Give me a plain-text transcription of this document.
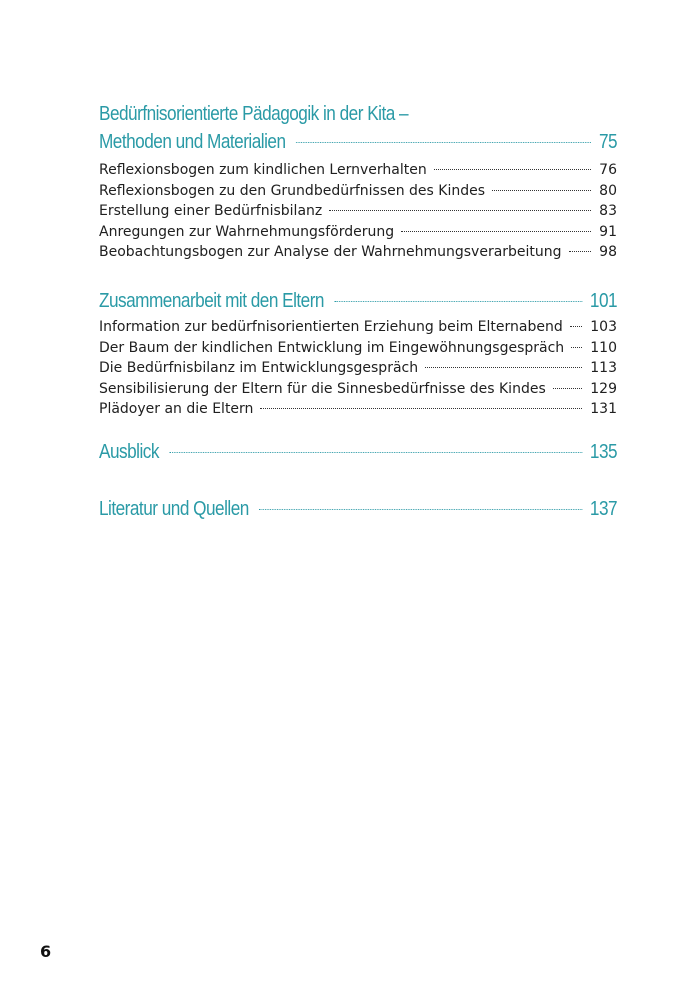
Bedürfnisorientierte Pädagogik in der Kita –
Methoden und Materialien	75
Reflexionsbogen zum kindlichen Lernverhalten	76
Reflexionsbogen zu den Grundbedürfnissen des Kindes	80
Erstellung einer Bedürfnisbilanz	83
Anregungen zur Wahrnehmungsförderung	91
Beobachtungsbogen zur Analyse der Wahrnehmungsverarbeitung	98
Zusammenarbeit mit den Eltern	101
Information zur bedürfnisorientierten Erziehung beim Elternabend 103
Der Baum der kindlichen Entwicklung im Eingewöhnungsgespräch 110
Die Bedürfnisbilanz im Entwicklungsgespräch	113
Sensibilisierung der Eltern für die Sinnesbedürfnisse des Kindes	129
Plädoyer an die Eltern	131
Ausblick	135
Literatur und Quellen	137
6
